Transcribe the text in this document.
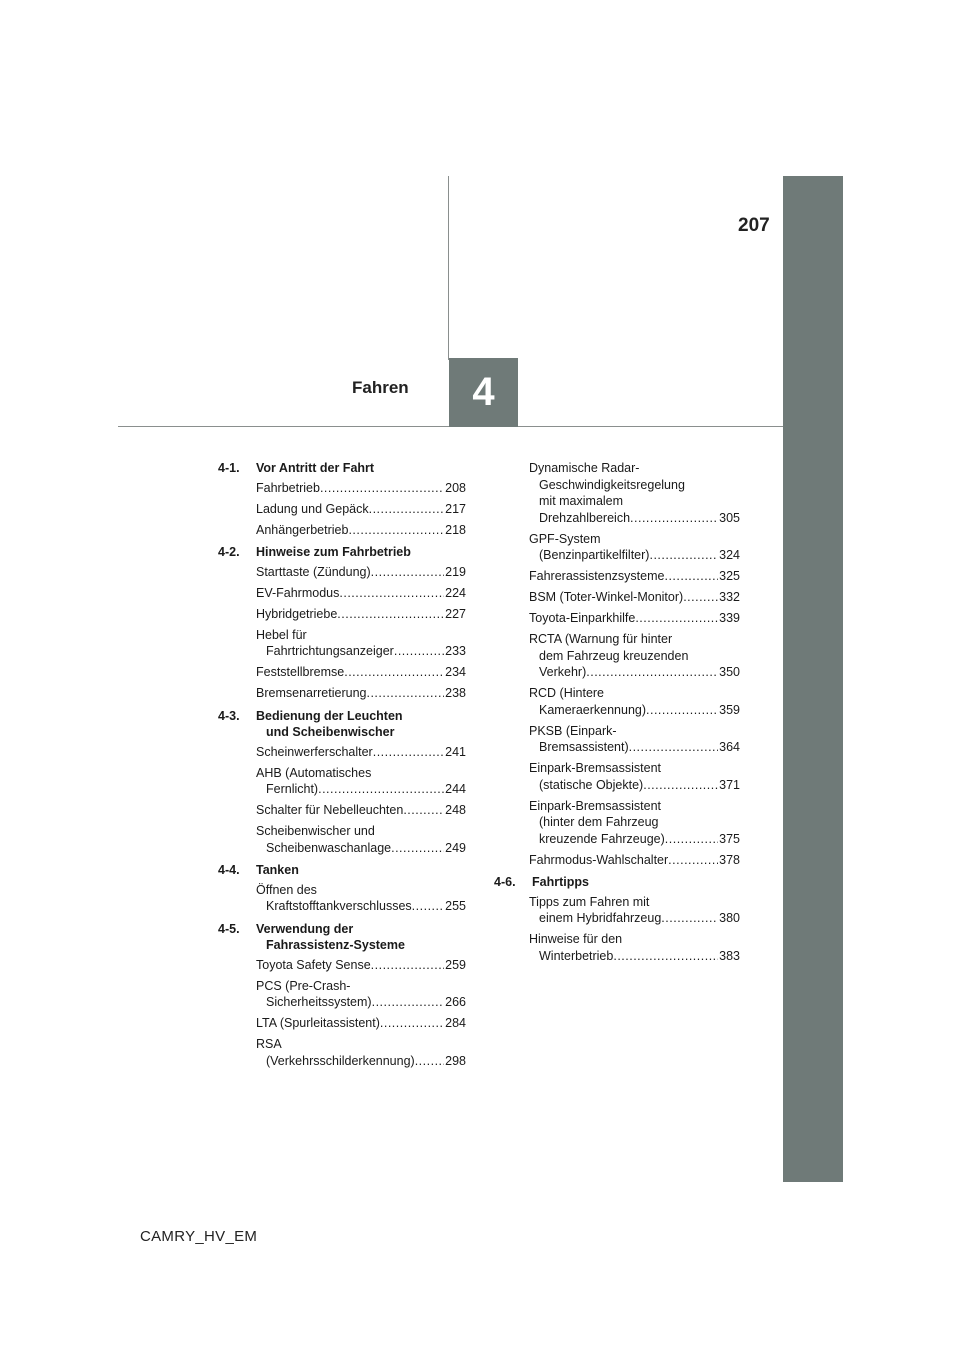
207
Fahren 4
4-1.	Vor Antritt der Fahrt
Fahrbetrieb .....	208
Ladung und Gepäck .....	217
Anhängerbetrieb .....	218
4-2.	Hinweise zum Fahrbetrieb
Starttaste (Zündung) .....	219
EV-Fahrmodus .....	224
Hybridgetriebe .....	227
Hebel für
Fahrtrichtungsanzeiger .....	233
Feststellbremse .....	234
Bremsenarretierung .....	238
4-3.	Bedienung der Leuchten
und Scheibenwischer
Scheinwerferschalter .....	241
AHB (Automatisches
Fernlicht) .....	244
Schalter für Nebelleuchten .....	248
Scheibenwischer und
Scheibenwaschanlage .....	249
4-4.	Tanken
Öffnen des
Kraftstofftankverschlusses .....	255
4-5.	Verwendung der
Fahrassistenz-Systeme
Toyota Safety Sense .....	259
PCS (Pre-Crash-
Sicherheitssystem) .....	266
LTA (Spurleitassistent) .....	284
RSA
(Verkehrsschilderkennung) ..... 298
Dynamische Radar-
Geschwindigkeitsregelung
mit maximalem
Drehzahlbereich .....	305
GPF-System
(Benzinpartikelfilter) .....	324
Fahrerassistenzsysteme .....	325
BSM (Toter-Winkel-Monitor) .....	332
Toyota-Einparkhilfe .....	339
RCTA (Warnung für hinter
dem Fahrzeug kreuzenden
Verkehr) .....	350
RCD (Hintere
Kameraerkennung) .....	359
PKSB (Einpark-
Bremsassistent) .....	364
Einpark-Bremsassistent
(statische Objekte) .....	371
Einpark-Bremsassistent
(hinter dem Fahrzeug
kreuzende Fahrzeuge) .....	375
Fahrmodus-Wahlschalter .....	378
4-6.	Fahrtipps
Tipps zum Fahren mit
einem Hybridfahrzeug .....	380
Hinweise für den
Winterbetrieb .....	383
CAMRY_HV_EM
